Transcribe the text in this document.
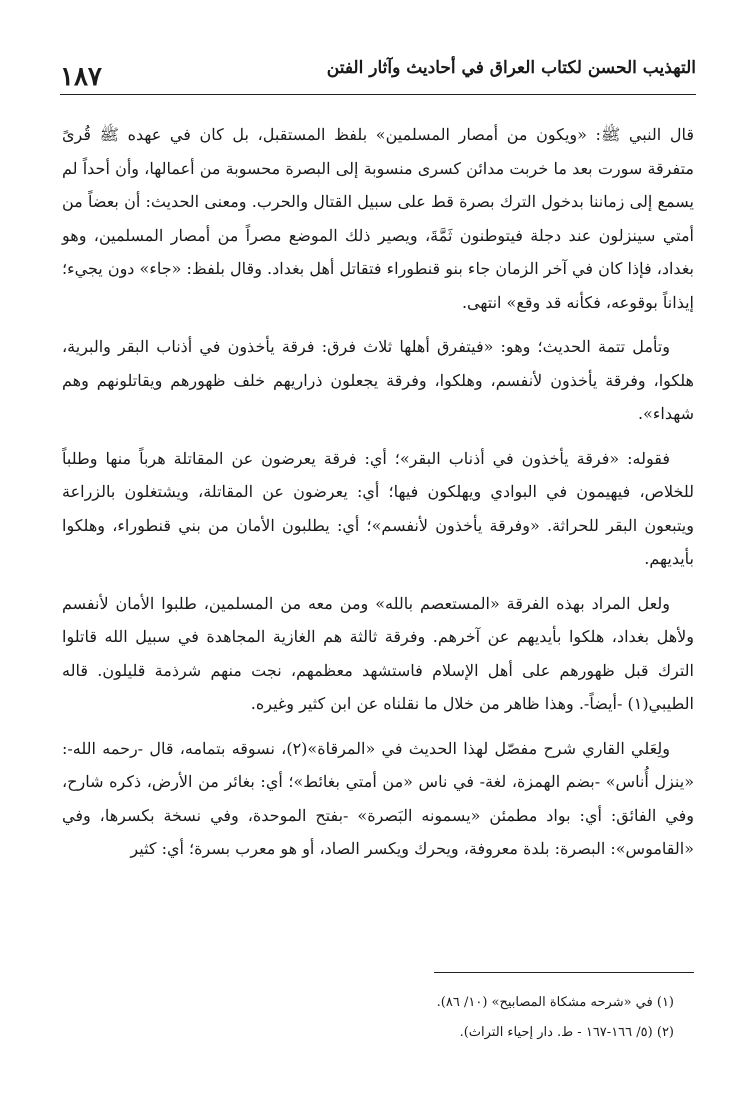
١٨٧	التهذيب الحسن لكتاب العراق في أحاديث وآثار الفتن

قال النبي ﷺ: «ويكون من أمصار المسلمين» بلفظ المستقبل، بل كان في عهده ﷺ قُرىً متفرقة سورت بعد ما خربت مدائن كسرى منسوبة إلى البصرة محسوبة من أعمالها، وأن أحداً لم يسمع إلى زماننا بدخول الترك بصرة قط على سبيل القتال والحرب. ومعنى الحديث: أن بعضاً من أمتي سينزلون عند دجلة فيتوطنون ثَمَّةَ، ويصير ذلك الموضع مصراً من أمصار المسلمين، وهو بغداد، فإذا كان في آخر الزمان جاء بنو قنطوراء فتقاتل أهل بغداد. وقال بلفظ: «جاء» دون يجيء؛ إيذاناً بوقوعه، فكأنه قد وقع» انتهى.

وتأمل تتمة الحديث؛ وهو: «فيتفرق أهلها ثلاث فرق: فرقة يأخذون في أذناب البقر والبرية، هلكوا، وفرقة يأخذون لأنفسم، وهلكوا، وفرقة يجعلون ذراريهم خلف ظهورهم ويقاتلونهم وهم شهداء».

فقوله: «فرقة يأخذون في أذناب البقر»؛ أي: فرقة يعرضون عن المقاتلة هرباً منها وطلباً للخلاص، فيهيمون في البوادي ويهلكون فيها؛ أي: يعرضون عن المقاتلة، ويشتغلون بالزراعة ويتبعون البقر للحراثة. «وفرقة يأخذون لأنفسم»؛ أي: يطلبون الأمان من بني قنطوراء، وهلكوا بأيديهم.

ولعل المراد بهذه الفرقة «المستعصم بالله» ومن معه من المسلمين، طلبوا الأمان لأنفسم ولأهل بغداد، هلكوا بأيديهم عن آخرهم. وفرقة ثالثة هم الغازية المجاهدة في سبيل الله قاتلوا الترك قبل ظهورهم على أهل الإسلام فاستشهد معظمهم، نجت منهم شرذمة قليلون. قاله الطيبي(١) -أيضاً-. وهذا ظاهر من خلال ما نقلناه عن ابن كثير وغيره.

ولِعَلي القاري شرح مفصّل لهذا الحديث في «المرقاة»(٢)، نسوقه بتمامه، قال -رحمه الله-: «ينزل أُناس» -بضم الهمزة، لغة- في ناس «من أمتي بغائط»؛ أي: بغائر من الأرض، ذكره شارح، وفي الفائق: أي: بواد مطمئن «يسمونه البَصرة» -بفتح الموحدة، وفي نسخة بكسرها، وفي «القاموس»: البصرة: بلدة معروفة، ويحرك ويكسر الصاد، أو هو معرب بسرة؛ أي: كثير

(١) في «شرحه مشكاة المصابيح» (١٠/ ٨٦).
(٢) (٥/ ١٦٦-١٦٧ - ط. دار إحياء التراث).
